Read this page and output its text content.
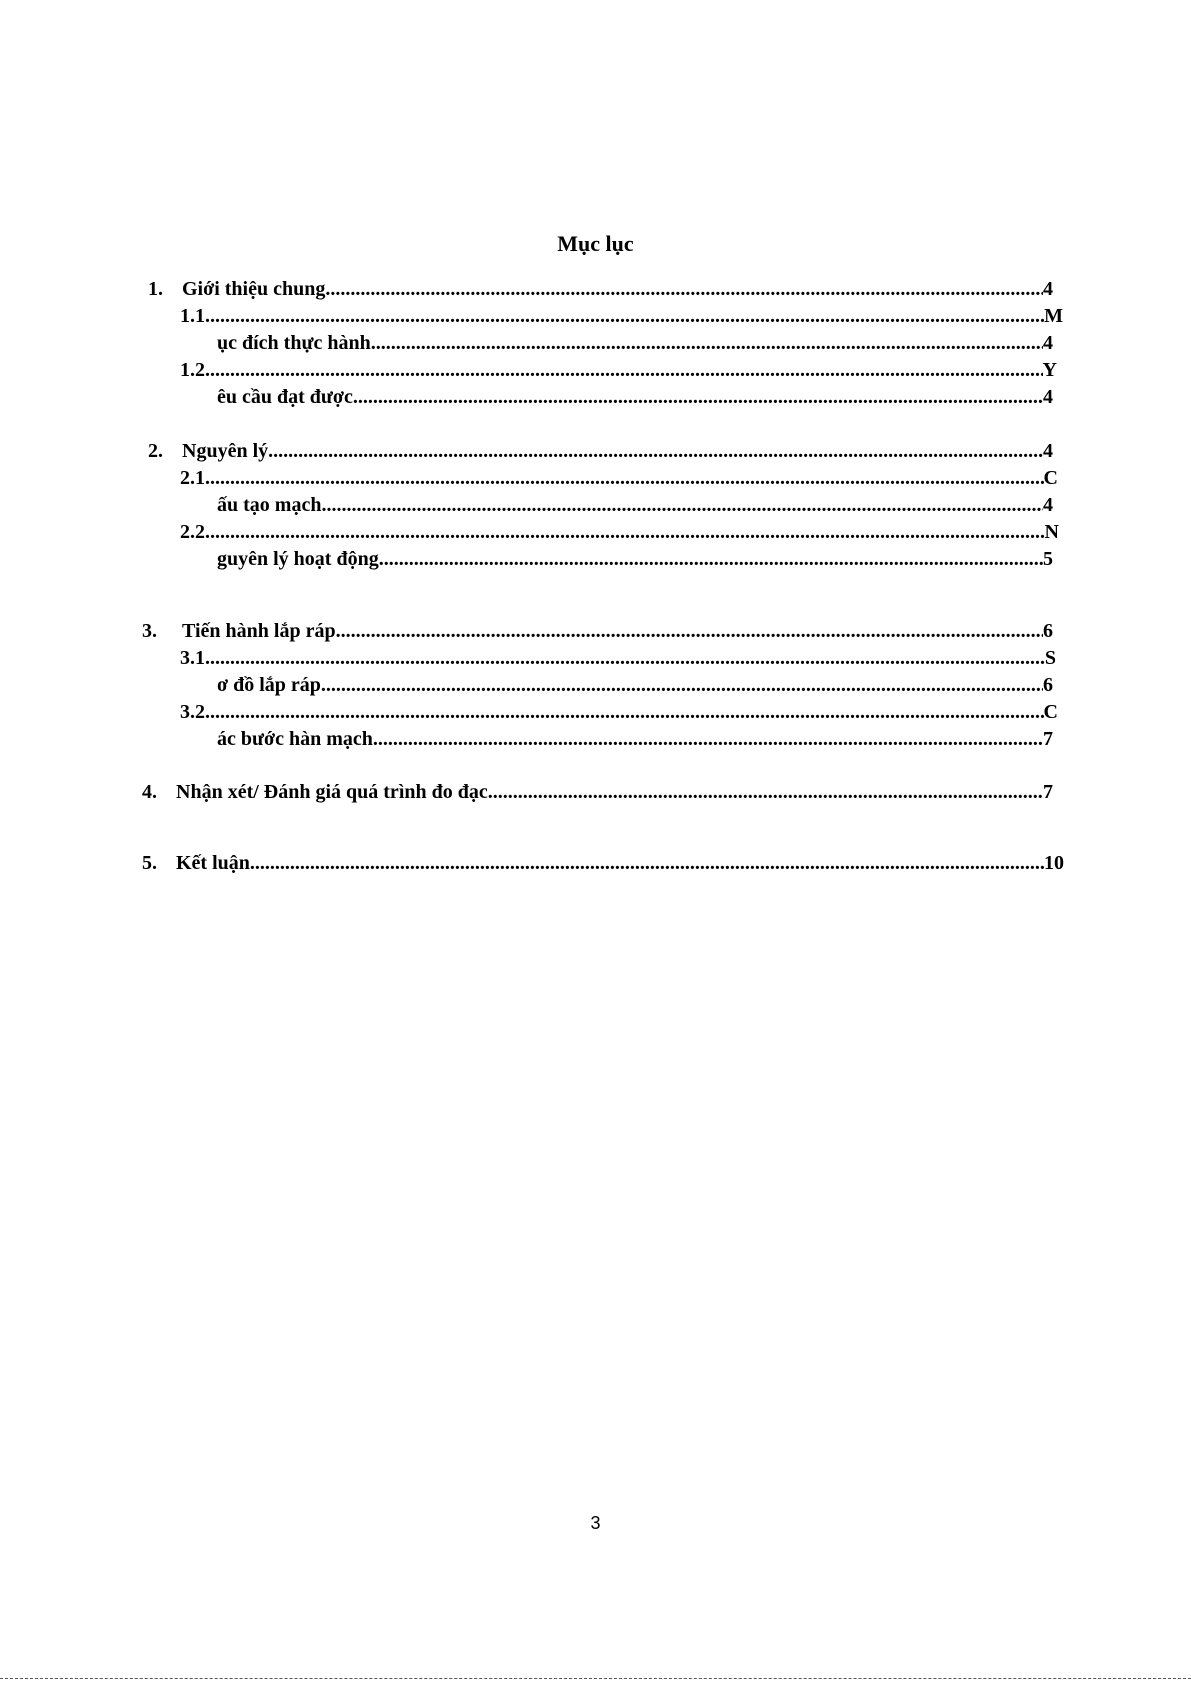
Mục lục
1. Giới thiệu chung .....	4
1.1 .....	M
ục đích thực hành .....	4
1.2 .....	Y
êu cầu đạt được .....	4
2. Nguyên lý .....	4
2.1 .....	C
ấu tạo mạch .....	4
2.2 .....	N
guyên lý hoạt động .....	5
3.	Tiến hành lắp ráp .....	6
3.1 .....	S
ơ đồ lắp ráp .....	6
3.2 .....	C
ác bước hàn mạch .....	7
4. Nhận xét/ Đánh giá quá trình đo đạc .....	7
5. Kết luận .....	10
3
